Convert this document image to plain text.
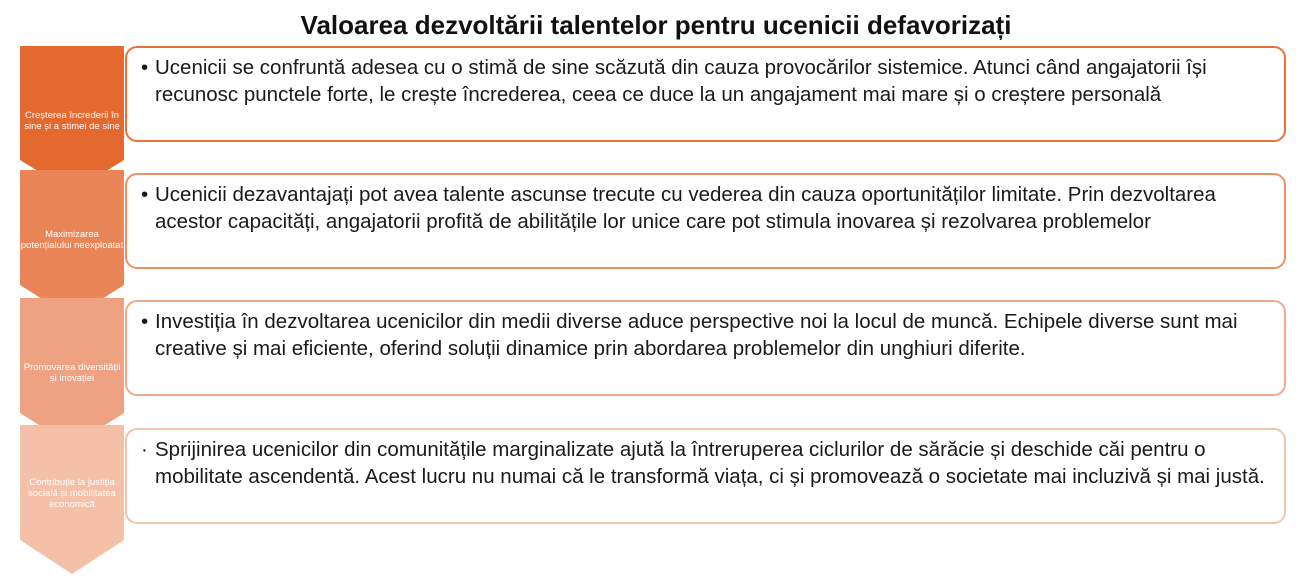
Valoarea dezvoltării talentelor pentru ucenicii defavorizați
Creșterea încrederii în sine și a stimei de sine
Maximizarea potențialului neexploatat
Promovarea diversității și inovației
Contribuție la justiția socială și mobilitatea economică
• Ucenicii se confruntă adesea cu o stimă de sine scăzută din cauza provocărilor sistemice. Atunci când angajatorii își recunosc punctele forte, le crește încrederea, ceea ce duce la un angajament mai mare și o creștere personală
• Ucenicii dezavantajați pot avea talente ascunse trecute cu vederea din cauza oportunităților limitate. Prin dezvoltarea acestor capacități, angajatorii profită de abilitățile lor unice care pot stimula inovarea și rezolvarea problemelor
• Investiția în dezvoltarea ucenicilor din medii diverse aduce perspective noi la locul de muncă. Echipele diverse sunt mai creative și mai eficiente, oferind soluții dinamice prin abordarea problemelor din unghiuri diferite.
· Sprijinirea ucenicilor din comunitățile marginalizate ajută la întreruperea ciclurilor de sărăcie și deschide căi pentru o mobilitate ascendentă. Acest lucru nu numai că le transformă viața, ci și promovează o societate mai incluzivă și mai justă.
